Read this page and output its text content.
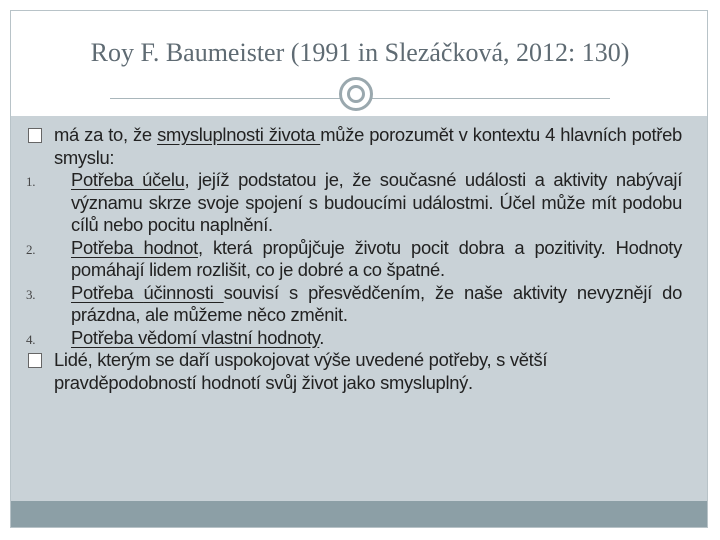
Roy F. Baumeister (1991 in Slezáčková, 2012: 130)
má za to, že smysluplnosti života může porozumět v kontextu 4 hlavních potřeb smyslu:
1. Potřeba účelu, jejíž podstatou je, že současné události a aktivity nabývají významu skrze svoje spojení s budoucími událostmi. Účel může mít podobu cílů nebo pocitu naplnění.
2. Potřeba hodnot, která propůjčuje životu pocit dobra a pozitivity. Hodnoty pomáhají lidem rozlišit, co je dobré a co špatné.
3. Potřeba účinnosti souvisí s přesvědčením, že naše aktivity nevyznějí do prázdna, ale můžeme něco změnit.
4. Potřeba vědomí vlastní hodnoty.
Lidé, kterým se daří uspokojovat výše uvedené potřeby, s větší pravděpodobností hodnotí svůj život jako smysluplný.
